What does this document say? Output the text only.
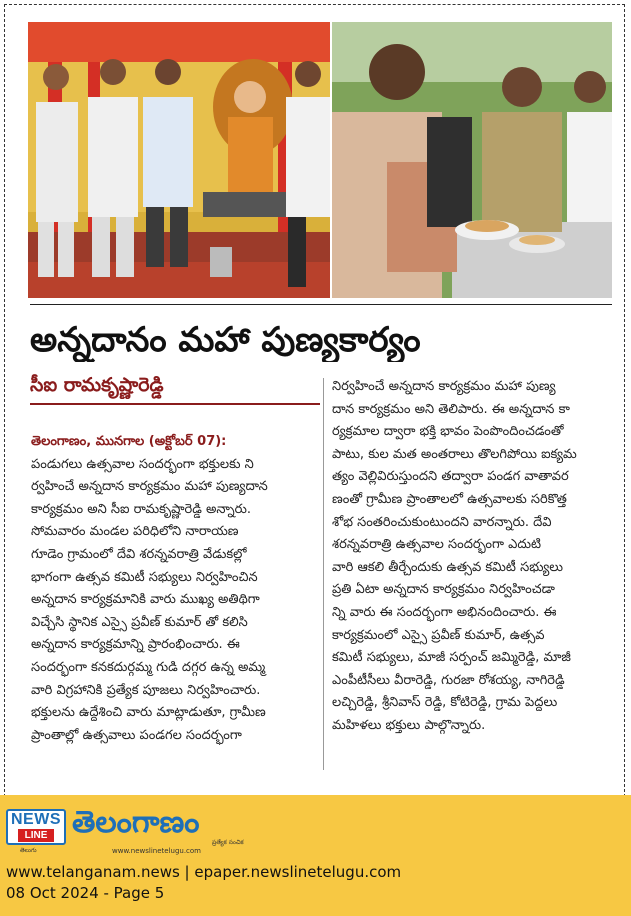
అన్నదానం మహా పుణ్యకార్యం
సీఐ రామకృష్ణారెడ్డి

తెలంగాణం, మునగాల (అక్టోబర్ 07):

పండుగలు ఉత్సవాల సందర్భంగా భక్తులకు ని

ర్వహించే అన్నదాన కార్యక్రమం మహా పుణ్యదాన

కార్యక్రమం అని సీఐ రామకృష్ణారెడ్డి అన్నారు.

సోమవారం మండల పరిధిలోని నారాయణ

గూడెం గ్రామంలో దేవి శరన్నవరాత్రి వేడుకల్లో

భాగంగా ఉత్సవ కమిటీ సభ్యులు నిర్వహించిన

అన్నదాన కార్యక్రమానికి వారు ముఖ్య అతిథిగా

విచ్చేసి స్థానిక ఎస్సై ప్రవీణ్ కుమార్ తో కలిసి

అన్నదాన కార్యక్రమాన్ని ప్రారంభించారు. ఈ

సందర్భంగా కనకదుర్గమ్మ గుడి దగ్గర ఉన్న అమ్మ

వారి విగ్రహానికి ప్రత్యేక పూజలు నిర్వహించారు.

భక్తులను ఉద్దేశించి వారు మాట్లాడుతూ, గ్రామీణ

ప్రాంతాల్లో ఉత్సవాలు పండగల సందర్భంగా

నిర్వహించే అన్నదాన కార్యక్రమం మహా పుణ్య

దాన కార్యక్రమం అని తెలిపారు. ఈ అన్నదాన కా

ర్యక్రమాల ద్వారా భక్తి భావం పెంపొందించడంతో

పాటు, కుల మత అంతరాలు తొలగిపోయి ఐక్యమ

త్యం వెల్లివిరుస్తుందని తద్వారా పండగ వాతావర

ణంతో గ్రామీణ ప్రాంతాలలో ఉత్సవాలకు సరికొత్త

శోభ సంతరించుకుంటుందని వారన్నారు. దేవి

శరన్నవరాత్రి ఉత్సవాల సందర్భంగా ఎదుటి

వారి ఆకలి తీర్చేందుకు ఉత్సవ కమిటీ సభ్యులు

ప్రతి ఏటా అన్నదాన కార్యక్రమం నిర్వహించడా

న్ని వారు ఈ సందర్భంగా అభినందించారు. ఈ

కార్యక్రమంలో ఎస్సై ప్రవీణ్ కుమార్, ఉత్సవ

కమిటీ సభ్యులు, మాజీ సర్పంచ్ జమ్మిరెడ్డి, మాజీ

ఎంపీటీసీలు వీరారెడ్డి, గురజా రోశయ్య, నాగిరెడ్డి

లచ్చిరెడ్డి, శ్రీనివాస్ రెడ్డి, కోటిరెడ్డి, గ్రామ పెద్దలు

మహిళలు భక్తులు పాల్గొన్నారు.

NEWS
LINE
తెలుగు
తెలంగాణం
ప్రత్యేక సంచిక
www.newslinetelugu.com
www.telanganam.news | epaper.newslinetelugu.com
08 Oct 2024 - Page 5
